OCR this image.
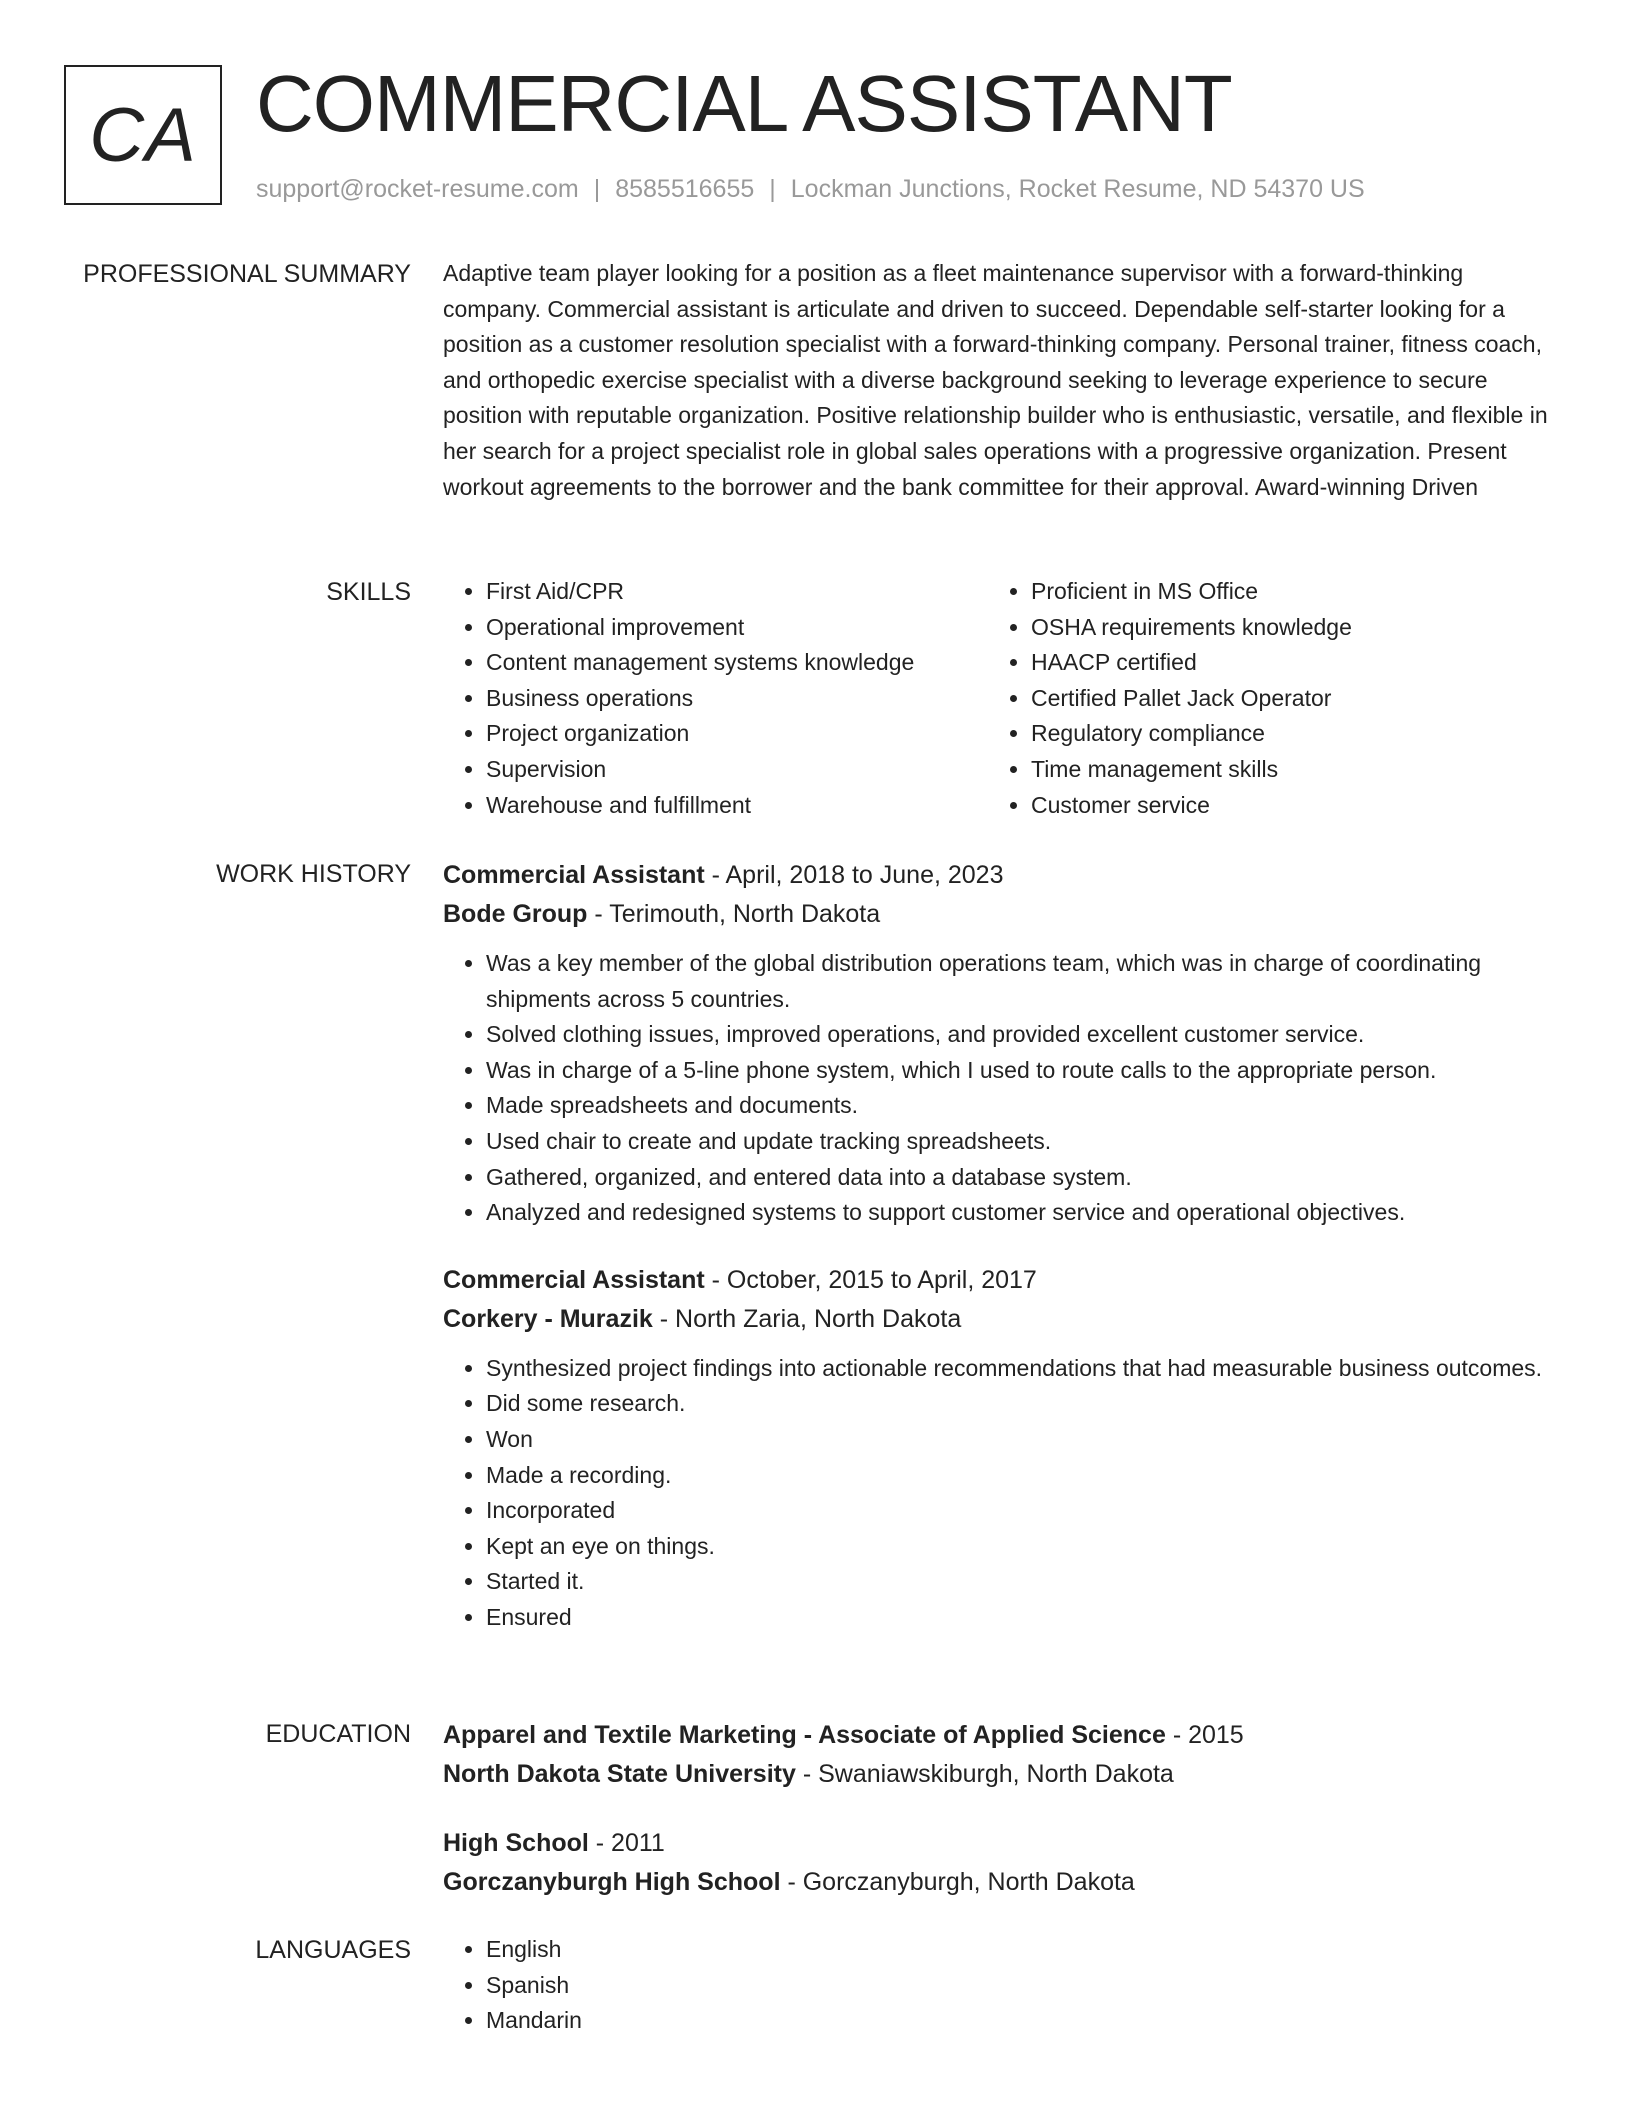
CA COMMERCIAL ASSISTANT
support@rocket-resume.com | 8585516655 | Lockman Junctions, Rocket Resume, ND 54370 US
PROFESSIONAL SUMMARY Adaptive team player looking for a position as a fleet maintenance supervisor with a forward-thinking company. Commercial assistant is articulate and driven to succeed. Dependable self-starter looking for a position as a customer resolution specialist with a forward-thinking company. Personal trainer, fitness coach, and orthopedic exercise specialist with a diverse background seeking to leverage experience to secure position with reputable organization. Positive relationship builder who is enthusiastic, versatile, and flexible in her search for a project specialist role in global sales operations with a progressive organization. Present workout agreements to the borrower and the bank committee for their approval. Award-winning Driven

SKILLS	• First Aid/CPR
• Operational improvement
• Content management systems knowledge
• Business operations
• Project organization
• Supervision
• Warehouse and fulfillment
• Proficient in MS Office
• OSHA requirements knowledge
• HAACP certified
• Certified Pallet Jack Operator
• Regulatory compliance
• Time management skills
• Customer service
WORK HISTORY Commercial Assistant - April, 2018 to June, 2023
Bode Group - Terimouth, North Dakota
• Was a key member of the global distribution operations team, which was in charge of coordinating shipments across 5 countries.
• Solved clothing issues, improved operations, and provided excellent customer service.
• Was in charge of a 5-line phone system, which I used to route calls to the appropriate person.
• Made spreadsheets and documents.
• Used chair to create and update tracking spreadsheets.
• Gathered, organized, and entered data into a database system.
• Analyzed and redesigned systems to support customer service and operational objectives.
Commercial Assistant - October, 2015 to April, 2017
Corkery - Murazik - North Zaria, North Dakota
• Synthesized project findings into actionable recommendations that had measurable business outcomes.
• Did some research.
• Won
• Made a recording.
• Incorporated
• Kept an eye on things.
• Started it.
• Ensured
EDUCATION Apparel and Textile Marketing - Associate of Applied Science - 2015
North Dakota State University - Swaniawskiburgh, North Dakota
High School - 2011
Gorczanyburgh High School - Gorczanyburgh, North Dakota
LANGUAGES	• English
• Spanish
• Mandarin
